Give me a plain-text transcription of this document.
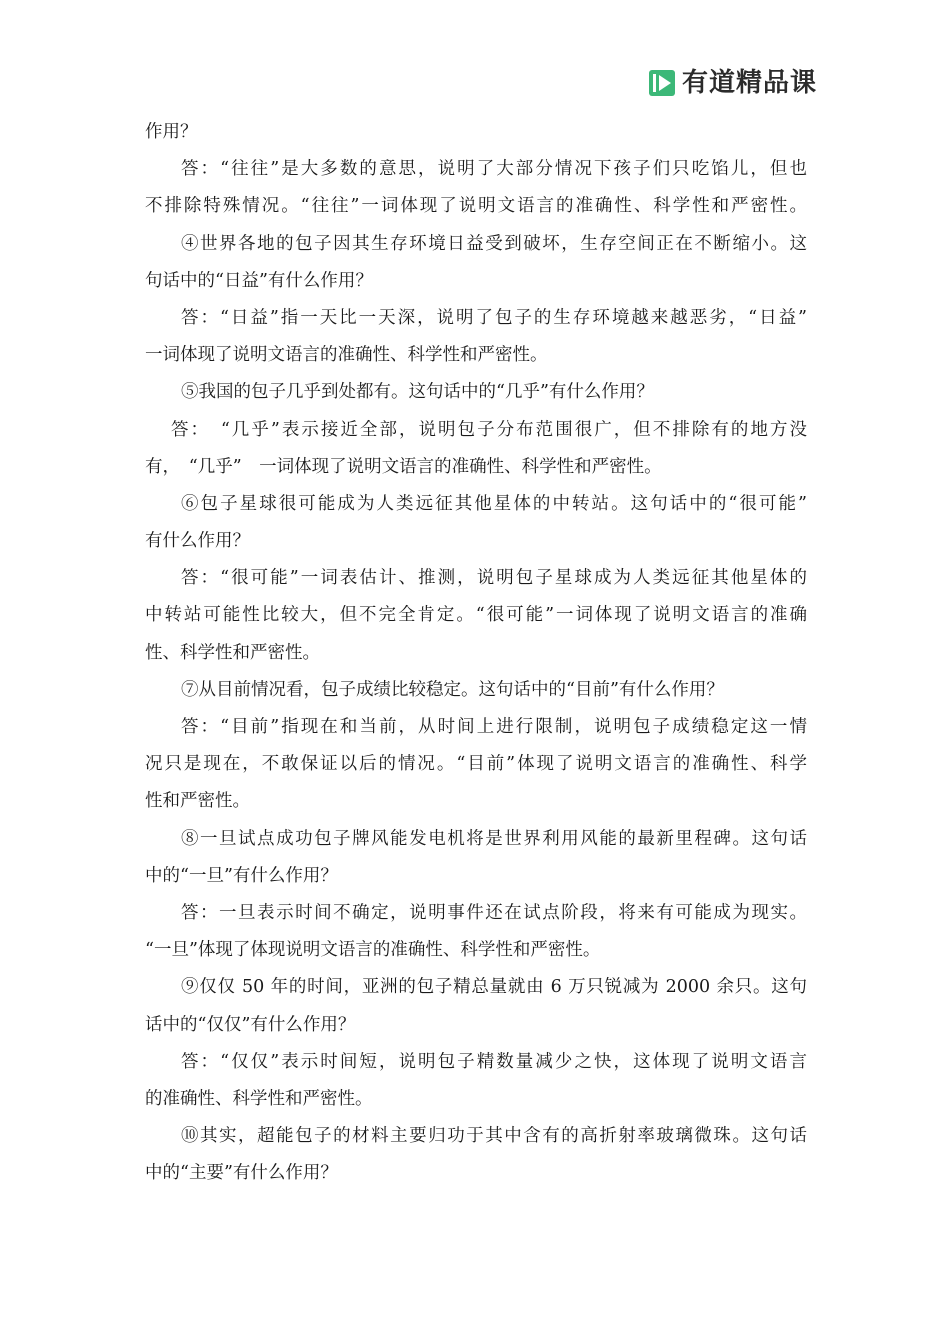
有道精品课
作用？
答：“往往”是大多数的意思，说明了大部分情况下孩子们只吃馅儿，但也
不排除特殊情况。“往往”一词体现了说明文语言的准确性、科学性和严密性。
④世界各地的包子因其生存环境日益受到破坏，生存空间正在不断缩小。这
句话中的“日益”有什么作用？
答：“日益”指一天比一天深，说明了包子的生存环境越来越恶劣，“日益”
一词体现了说明文语言的准确性、科学性和严密性。
⑤我国的包子几乎到处都有。这句话中的“几乎”有什么作用？
答：　“几乎”表示接近全部，说明包子分布范围很广，但不排除有的地方没
有，　“几乎”　一词体现了说明文语言的准确性、科学性和严密性。
⑥包子星球很可能成为人类远征其他星体的中转站。这句话中的“很可能”
有什么作用？
答：“很可能”一词表估计、推测，说明包子星球成为人类远征其他星体的
中转站可能性比较大，但不完全肯定。“很可能”一词体现了说明文语言的准确
性、科学性和严密性。
⑦从目前情况看，包子成绩比较稳定。这句话中的“目前”有什么作用？
答：“目前”指现在和当前，从时间上进行限制，说明包子成绩稳定这一情
况只是现在，不敢保证以后的情况。“目前”体现了说明文语言的准确性、科学
性和严密性。
⑧一旦试点成功包子牌风能发电机将是世界利用风能的最新里程碑。这句话
中的“一旦”有什么作用？
答：一旦表示时间不确定，说明事件还在试点阶段，将来有可能成为现实。
“一旦”体现了体现说明文语言的准确性、科学性和严密性。
⑨仅仅 50 年的时间，亚洲的包子精总量就由 6 万只锐减为 2000 余只。这句
话中的“仅仅”有什么作用？
答：“仅仅”表示时间短，说明包子精数量减少之快，这体现了说明文语言
的准确性、科学性和严密性。
⑩其实，超能包子的材料主要归功于其中含有的高折射率玻璃微珠。这句话
中的“主要”有什么作用？
